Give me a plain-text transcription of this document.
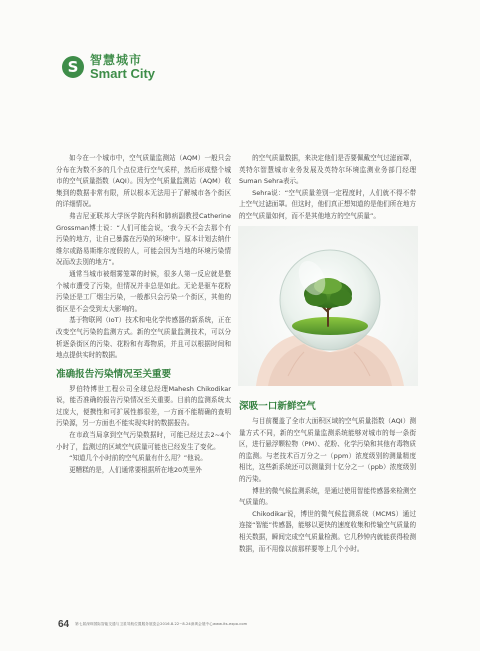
S 智慧城市
Smart City

如今在一个城市中，空气质量监测站（AQM）一般只会分布在为数不多的几个点位进行空气采样，然后形成整个城市的空气质量指数（AQI）。因为空气质量监测站（AQM）收集到的数据非常有限，所以根本无法用于了解城市各个街区的详细情况。

弗吉尼亚联邦大学医学院内科和肺病副教授Catherine Grossman博士说：“人们可能会说，‘我今天不会去那个有污染的地方，让自己暴露在污染的环境中’。原本计划去纳什维尔或路易斯维尔度假的人，可能会因为当地的环境污染情况而改去别的地方”。

通常当城市被烟雾笼罩的时候，很多人第一反应就是整个城市遭受了污染，但情况并非总是如此。无论是驱车花粉污染还是工厂烟尘污染，一般都只会污染一个街区，其他的街区是不会受到太大影响的。

基于物联网（IoT）技术和电化学传感器的新系统，正在改变空气污染的监测方式。新的空气质量监测技术，可以分析逐条街区的污染、花粉和有毒物质，并且可以根据时间和地点提供实时的数据。

准确报告污染情况至关重要

罗伯特博世工程公司全球总经理Mahesh Chikodikar说，能否准确的报告污染情况至关重要。目前的监测系统太过庞大，便携性和可扩展性都很差，一方面不能精确的查明污染源，另一方面也不能实现实时的数据报告。

在市政当局拿到空气污染数据时，可能已经过去2~4个小时了，监测过的区域空气质量可能也已经发生了变化。

“知道几个小时前的空气质量有什么用？”他说。

更糟糕的是，人们通常要根据所在地20英里外

的空气质量数据，来决定他们是否要佩戴空气过滤面罩，英特尔智慧城市业务发展及英特尔环境监测业务部门经理Suman Sehra表示。

Sehra说：“空气质量差别一定程度时，人们就不得不带上空气过滤面罩。但这时，他们真正想知道的是他们所在地方的空气质量如何，而不是其他地方的空气质量”。

深吸一口新鲜空气

与目前覆盖了全市大面积区域的空气质量指数（AQI）测量方式不同，新的空气质量监测系统能够对城市的每一条街区，进行悬浮颗粒物（PM）、花粉、化学污染和其他有毒物质的监测。与老技术百万分之一（ppm）浓度级别的测量精度相比，这些新系统还可以测量到十亿分之一（ppb）浓度级别的污染。

博世的微气候监测系统，是通过使用智能传感器来检测空气质量的。

Chikodikar说，博世的微气候监测系统（MCMS）通过连接“智能”传感器，能够以更快的速度收集和传输空气质量的相关数据，瞬间完成空气质量检测。它几秒钟内就能获得检测数据，而不用像以前那样要等上几个小时。

64 第七届深圳国际智能交通与卫星导航位置服务展览会2016.8.22~8.24深圳会展中心www.its-expo.com
